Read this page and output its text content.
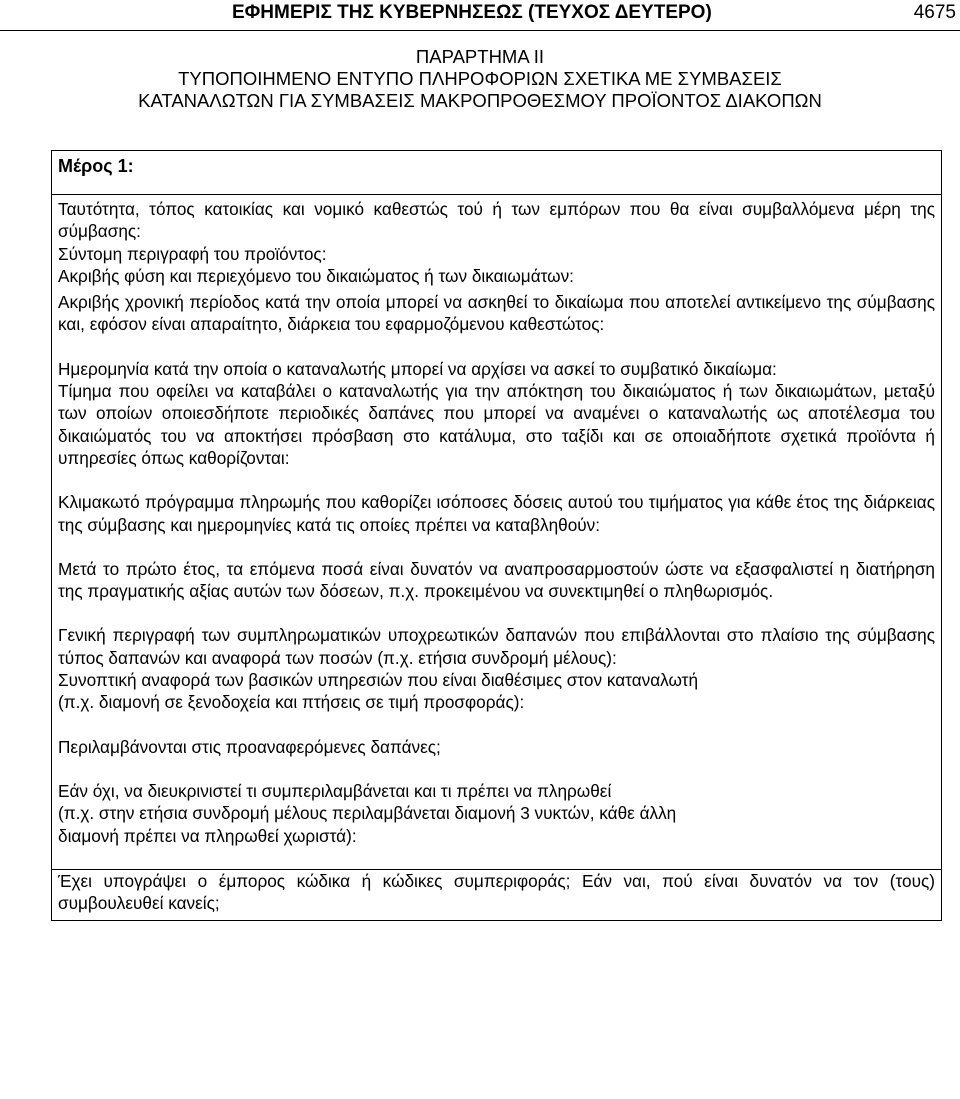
ΕΦΗΜΕΡΙΣ ΤΗΣ ΚΥΒΕΡΝΗΣΕΩΣ (ΤΕΥΧΟΣ ΔΕΥΤΕΡΟ)	4675
ΠΑΡΑΡΤΗΜΑ ΙΙ
ΤΥΠΟΠΟΙΗΜΕΝΟ ΕΝΤΥΠΟ ΠΛΗΡΟΦΟΡΙΩΝ ΣΧΕΤΙΚΑ ΜΕ ΣΥΜΒΑΣΕΙΣ
ΚΑΤΑΝΑΛΩΤΩΝ ΓΙΑ ΣΥΜΒΑΣΕΙΣ ΜΑΚΡΟΠΡΟΘΕΣΜΟΥ ΠΡΟΪΟΝΤΟΣ ΔΙΑΚΟΠΩΝ
Μέρος 1:

Ταυτότητα, τόπος κατοικίας και νομικό καθεστώς τού ή των εμπόρων που θα είναι συμβαλλόμενα μέρη της σύμβασης:
Σύντομη περιγραφή του προϊόντος:
Ακριβής φύση και περιεχόμενο του δικαιώματος ή των δικαιωμάτων:
Ακριβής χρονική περίοδος κατά την οποία μπορεί να ασκηθεί το δικαίωμα που αποτελεί αντικείμενο της σύμβασης και, εφόσον είναι απαραίτητο, διάρκεια του εφαρμοζόμενου καθεστώτος:
Ημερομηνία κατά την οποία ο καταναλωτής μπορεί να αρχίσει να ασκεί το συμβατικό δικαίωμα:
Τίμημα που οφείλει να καταβάλει ο καταναλωτής για την απόκτηση του δικαιώματος ή των δικαιωμάτων, μεταξύ των οποίων οποιεσδήποτε περιοδικές δαπάνες που μπορεί να αναμένει ο καταναλωτής ως αποτέλεσμα του δικαιώματός του να αποκτήσει πρόσβαση στο κατάλυμα, στο ταξίδι και σε οποιαδήποτε σχετικά προϊόντα ή υπηρεσίες όπως καθορίζονται:
Κλιμακωτό πρόγραμμα πληρωμής που καθορίζει ισόποσες δόσεις αυτού του τιμήματος για κάθε έτος της διάρκειας της σύμβασης και ημερομηνίες κατά τις οποίες πρέπει να καταβληθούν:
Μετά το πρώτο έτος, τα επόμενα ποσά είναι δυνατόν να αναπροσαρμοστούν ώστε να εξασφαλιστεί η διατήρηση της πραγματικής αξίας αυτών των δόσεων, π.χ. προκειμένου να συνεκτιμηθεί ο πληθωρισμός.
Γενική περιγραφή των συμπληρωματικών υποχρεωτικών δαπανών που επιβάλλονται στο πλαίσιο της σύμβασης τύπος δαπανών και αναφορά των ποσών (π.χ. ετήσια συνδρομή μέλους):
Συνοπτική αναφορά των βασικών υπηρεσιών που είναι διαθέσιμες στον καταναλωτή
(π.χ. διαμονή σε ξενοδοχεία και πτήσεις σε τιμή προσφοράς):
Περιλαμβάνονται στις προαναφερόμενες δαπάνες;
Εάν όχι, να διευκρινιστεί τι συμπεριλαμβάνεται και τι πρέπει να πληρωθεί
(π.χ. στην ετήσια συνδρομή μέλους περιλαμβάνεται διαμονή 3 νυκτών, κάθε άλλη
διαμονή πρέπει να πληρωθεί χωριστά):
Έχει υπογράψει ο έμπορος κώδικα ή κώδικες συμπεριφοράς; Εάν ναι, πού είναι δυνατόν να τον (τους) συμβουλευθεί κανείς;
